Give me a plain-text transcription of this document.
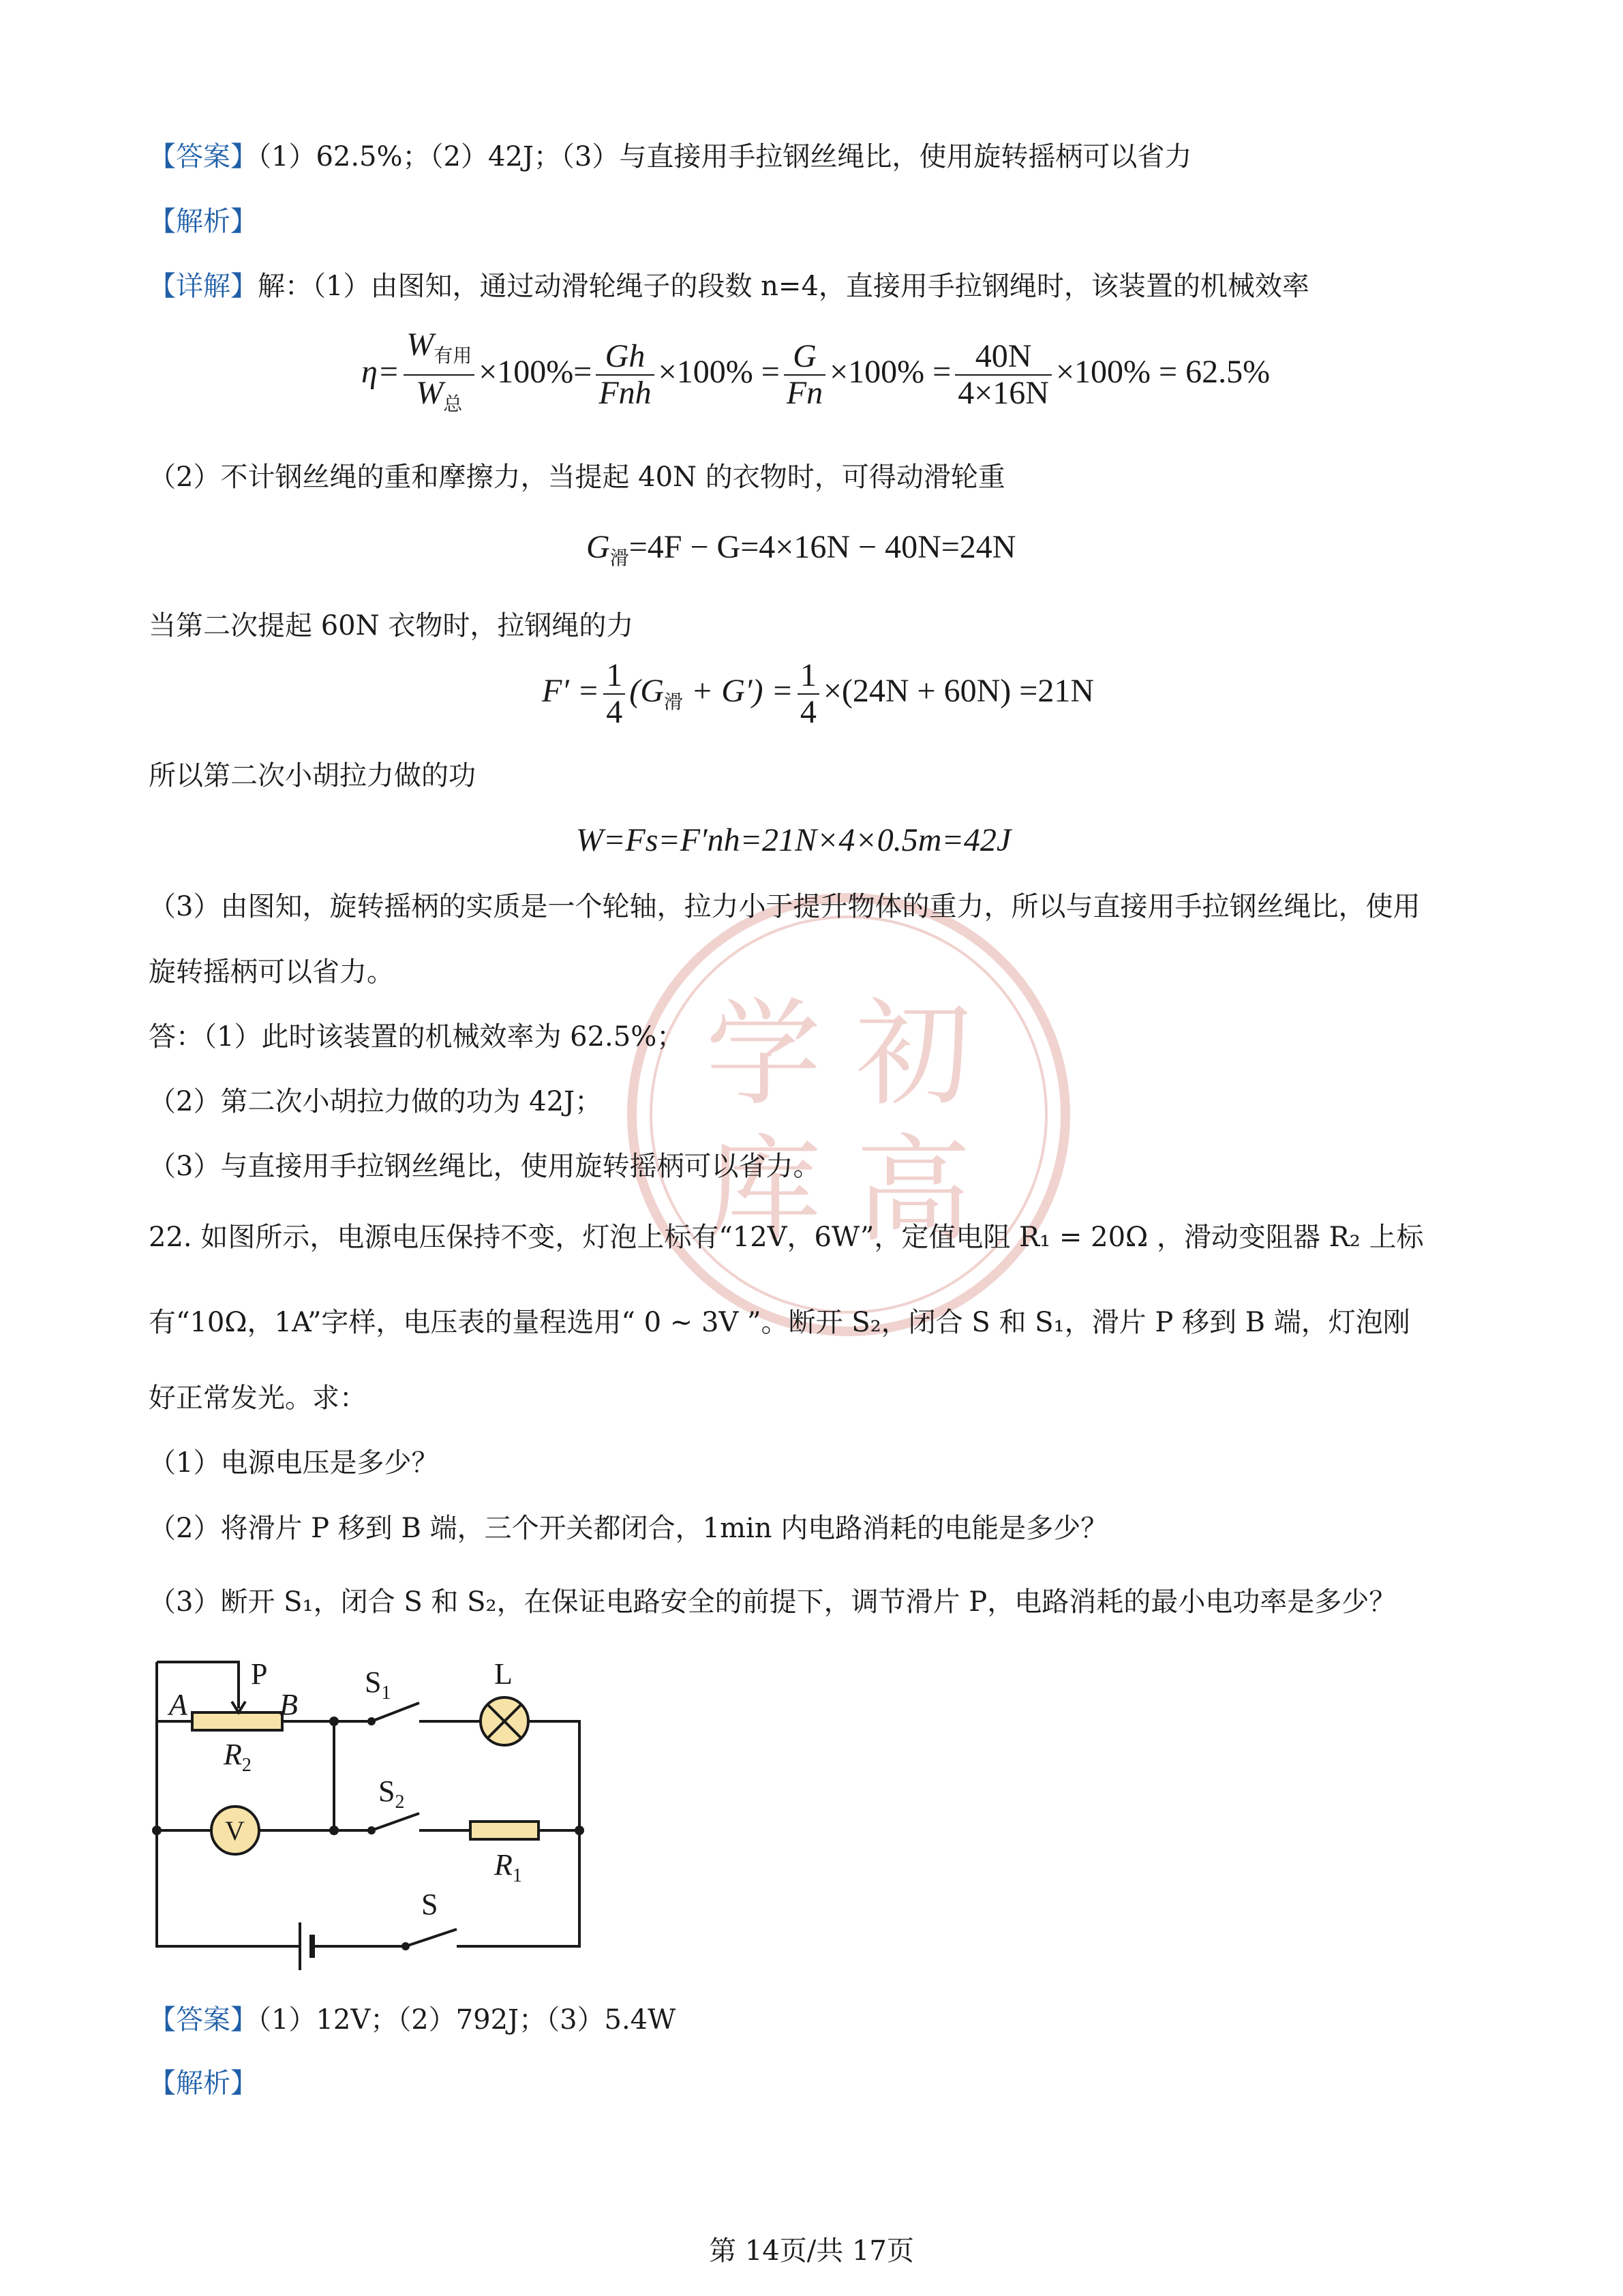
学 初
库 高
【答案】（1）62.5%；（2）42J；（3）与直接用手拉钢丝绳比，使用旋转摇柄可以省力
【解析】
【详解】解：（1）由图知，通过动滑轮绳子的段数 n=4，直接用手拉钢绳时，该装置的机械效率
$\eta= \frac{W_{有用}}{W_总} \times 100\%= \frac{Gh}{\text{Fnh}} \times 100\% = \frac{G}{Fn} \times 100\% = \frac{40N}{4\times 16N} \times 100\% = 62.5\%$
（2）不计钢丝绳的重和摩擦力，当提起 40N 的衣物时，可得动滑轮重
$G_滑=4F - G=4\times 16N - 40N=24N$
当第二次提起 60N 衣物时，拉钢绳的力
$F' = \frac{1}{4} (G_滑 + G') = \frac{1}{4} \times(24N + 60N) =21N$
所以第二次小胡拉力做的功
W=Fs=F′nh=21N×4×0.5m=42J
（3）由图知，旋转摇柄的实质是一个轮轴，拉力小于提升物体的重力，所以与直接用手拉钢丝绳比，使用
旋转摇柄可以省力。
答：（1）此时该装置的机械效率为 62.5%；
（2）第二次小胡拉力做的功为 42J；
（3）与直接用手拉钢丝绳比，使用旋转摇柄可以省力。
22. 如图所示，电源电压保持不变，灯泡上标有“12V，6W”，定值电阻 R₁ = 20Ω ，滑动变阻器 R₂ 上标
有“10Ω，1A”字样，电压表的量程选用“ 0 ~ 3V ”。断开 S₂，闭合 S 和 S₁，滑片 P 移到 B 端，灯泡刚
好正常发光。求：
（1）电源电压是多少？
（2）将滑片 P 移到 B 端，三个开关都闭合，1min 内电路消耗的电能是多少？
（3）断开 S₁，闭合 S 和 S₂，在保证电路安全的前提下，调节滑片 P，电路消耗的最小电功率是多少？
V
P
A	B
$R_2$
$S_1$
L
$S_2$
$R_1$
S
【答案】（1）12V；（2）792J；（3）5.4W
【解析】
第 14页/共 17页
